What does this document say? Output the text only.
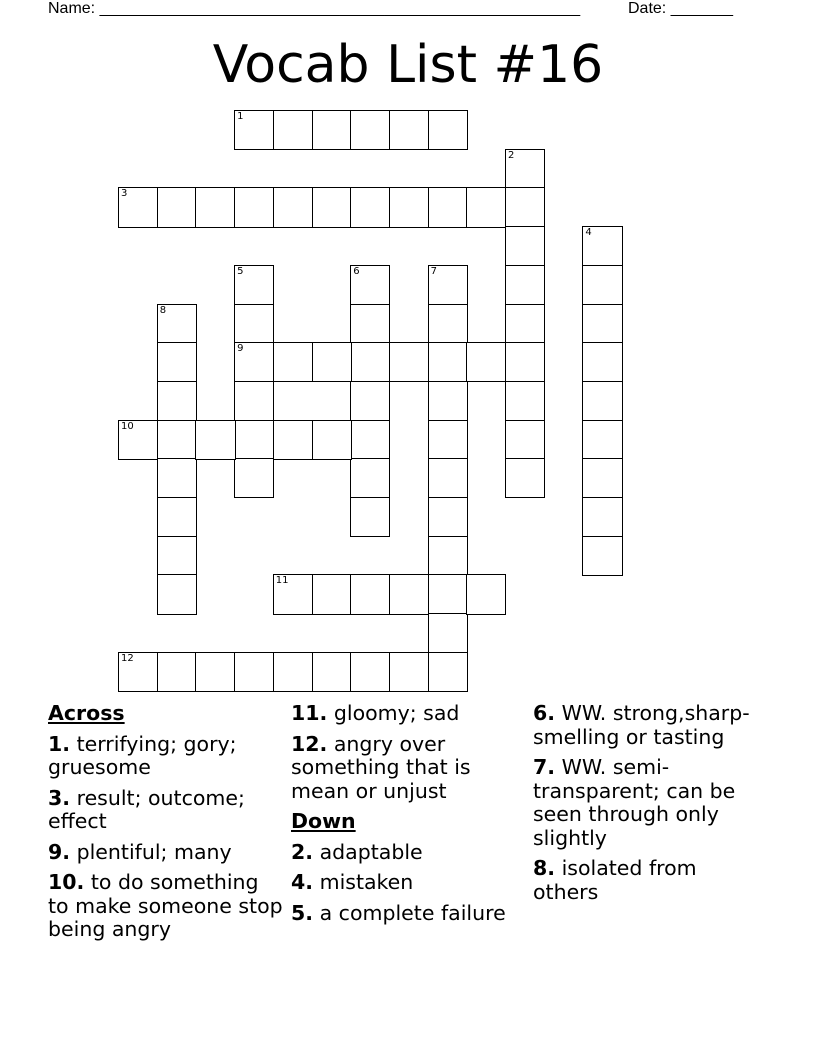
Name: ______________________________________________________	Date: _______
Vocab List #16
1
2
3
4
5
9
6	7
8
10
11
12
Across
1. terrifying; gory; gruesome
3. result; outcome; effect
9. plentiful; many
10. to do something to make someone stop being angry
11. gloomy; sad
12. angry over something that is mean or unjust
Down
2. adaptable
4. mistaken
5. a complete failure
6. WW. strong,sharp-smelling or tasting
7. WW. semi-transparent; can be seen through only slightly
8. isolated from others
